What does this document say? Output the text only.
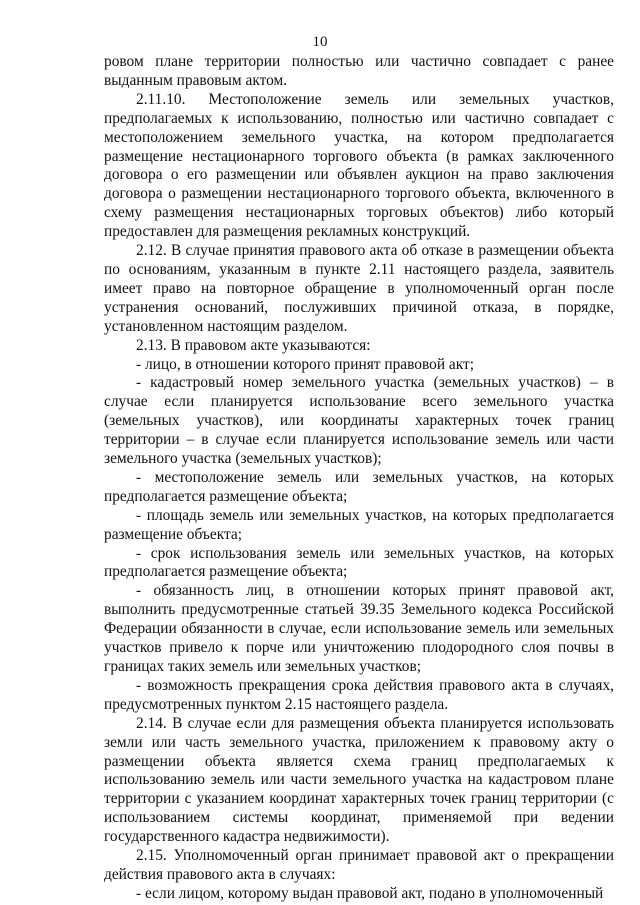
10

ровом плане территории полностью или частично совпадает с ранее выданным правовым актом.

2.11.10. Местоположение земель или земельных участков, предполагаемых к использованию, полностью или частично совпадает с местоположением земельного участка, на котором предполагается размещение нестационарного торгового объекта (в рамках заключенного договора о его размещении или объявлен аукцион на право заключения договора о размещении нестационарного торгового объекта, включенного в схему размещения нестационарных торговых объектов) либо который предоставлен для размещения рекламных конструкций.

2.12. В случае принятия правового акта об отказе в размещении объекта по основаниям, указанным в пункте 2.11 настоящего раздела, заявитель имеет право на повторное обращение в уполномоченный орган после устранения оснований, послуживших причиной отказа, в порядке, установленном настоящим разделом.

2.13. В правовом акте указываются:

- лицо, в отношении которого принят правовой акт;

- кадастровый номер земельного участка (земельных участков) – в случае если планируется использование всего земельного участка (земельных участков), или координаты характерных точек границ территории – в случае если планируется использование земель или части земельного участка (земельных участков);

- местоположение земель или земельных участков, на которых предполагается размещение объекта;

- площадь земель или земельных участков, на которых предполагается размещение объекта;

- срок использования земель или земельных участков, на которых предполагается размещение объекта;

- обязанность лиц, в отношении которых принят правовой акт, выполнить предусмотренные статьей 39.35 Земельного кодекса Российской Федерации обязанности в случае, если использование земель или земельных участков привело к порче или уничтожению плодородного слоя почвы в границах таких земель или земельных участков;

- возможность прекращения срока действия правового акта в случаях, предусмотренных пунктом 2.15 настоящего раздела.

2.14. В случае если для размещения объекта планируется использовать земли или часть земельного участка, приложением к правовому акту о размещении объекта является схема границ предполагаемых к использованию земель или части земельного участка на кадастровом плане территории с указанием координат характерных точек границ территории (с использованием системы координат, применяемой при ведении государственного кадастра недвижимости).

2.15. Уполномоченный орган принимает правовой акт о прекращении действия правового акта в случаях:

- если лицом, которому выдан правовой акт, подано в уполномоченный
